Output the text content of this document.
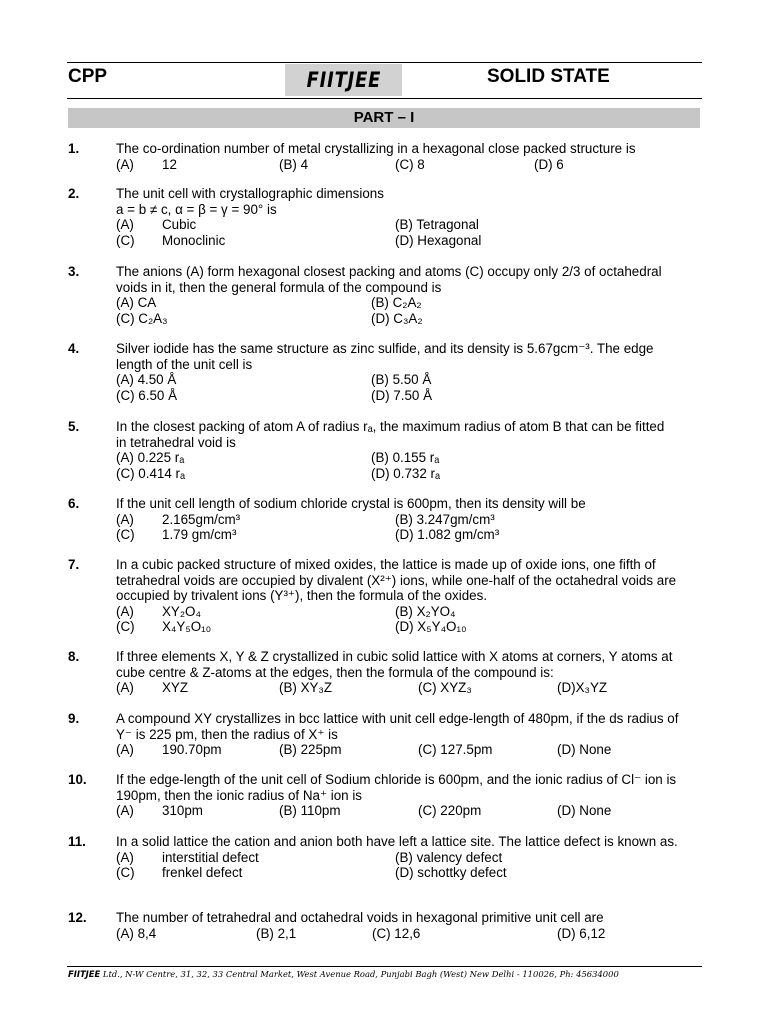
CPP	FIITJEE	SOLID STATE
PART – I
1.	The co-ordination number of metal crystallizing in a hexagonal close packed structure is
(A) 12	(B) 4	(C) 8	(D) 6
2.	The unit cell with crystallographic dimensions
a = b ≠ c, α = β = γ = 90° is
(A) Cubic	(B) Tetragonal
(C) Monoclinic	(D) Hexagonal
3.	The anions (A) form hexagonal closest packing and atoms (C) occupy only 2/3 of octahedral voids in it, then the general formula of the compound is
(A) CA	(B) C₂A₂
(C) C₂A₃	(D) C₃A₂
4.	Silver iodide has the same structure as zinc sulfide, and its density is 5.67gcm⁻³. The edge length of the unit cell is
(A) 4.50 Å	(B) 5.50 Å
(C) 6.50 Å	(D) 7.50 Å
5.	In the closest packing of atom A of radius rₐ, the maximum radius of atom B that can be fitted in tetrahedral void is
(A) 0.225 rₐ	(B) 0.155 rₐ
(C) 0.414 rₐ	(D) 0.732 rₐ
6.	If the unit cell length of sodium chloride crystal is 600pm, then its density will be
(A) 2.165gm/cm³	(B) 3.247gm/cm³
(C) 1.79 gm/cm³	(D) 1.082 gm/cm³
7.	In a cubic packed structure of mixed oxides, the lattice is made up of oxide ions, one fifth of tetrahedral voids are occupied by divalent (X²⁺) ions, while one-half of the octahedral voids are occupied by trivalent ions (Y³⁺), then the formula of the oxides.
(A) XY₂O₄	(B) X₂YO₄
(C) X₄Y₅O₁₀	(D) X₅Y₄O₁₀
8.	If three elements X, Y & Z crystallized in cubic solid lattice with X atoms at corners, Y atoms at cube centre & Z-atoms at the edges, then the formula of the compound is:
(A) XYZ	(B) XY₃Z	(C) XYZ₃	(D)X₃YZ
9.	A compound XY crystallizes in bcc lattice with unit cell edge-length of 480pm, if the ds radius of Y⁻ is 225 pm, then the radius of X⁺ is
(A) 190.70pm	(B) 225pm	(C) 127.5pm	(D) None
10. If the edge-length of the unit cell of Sodium chloride is 600pm, and the ionic radius of Cl⁻ ion is 190pm, then the ionic radius of Na⁺ ion is
(A) 310pm	(B) 110pm	(C) 220pm	(D) None
11. In a solid lattice the cation and anion both have left a lattice site. The lattice defect is known as.
(A) interstitial defect	(B) valency defect
(C) frenkel defect	(D) schottky defect
12. The number of tetrahedral and octahedral voids in hexagonal primitive unit cell are
(A) 8,4	(B) 2,1	(C) 12,6	(D) 6,12
FIITJEE Ltd., N-W Centre, 31, 32, 33 Central Market, West Avenue Road, Punjabi Bagh (West) New Delhi - 110026, Ph: 45634000
